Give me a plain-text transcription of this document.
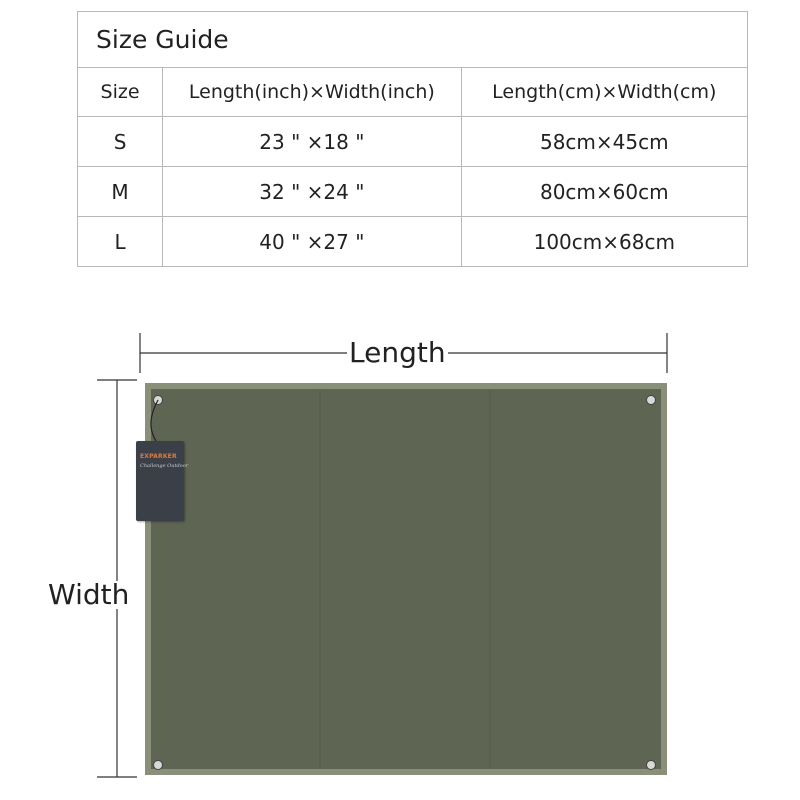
Size Guide		
Size	Length(inch)×Width(inch)	Length(cm)×Width(cm)
S	23 " ×18 "	58cm×45cm
M	32 " ×24 "	80cm×60cm
L	40 " ×27 "	100cm×68cm
Length
Width
EXPARKER
Challenge Outdoor
